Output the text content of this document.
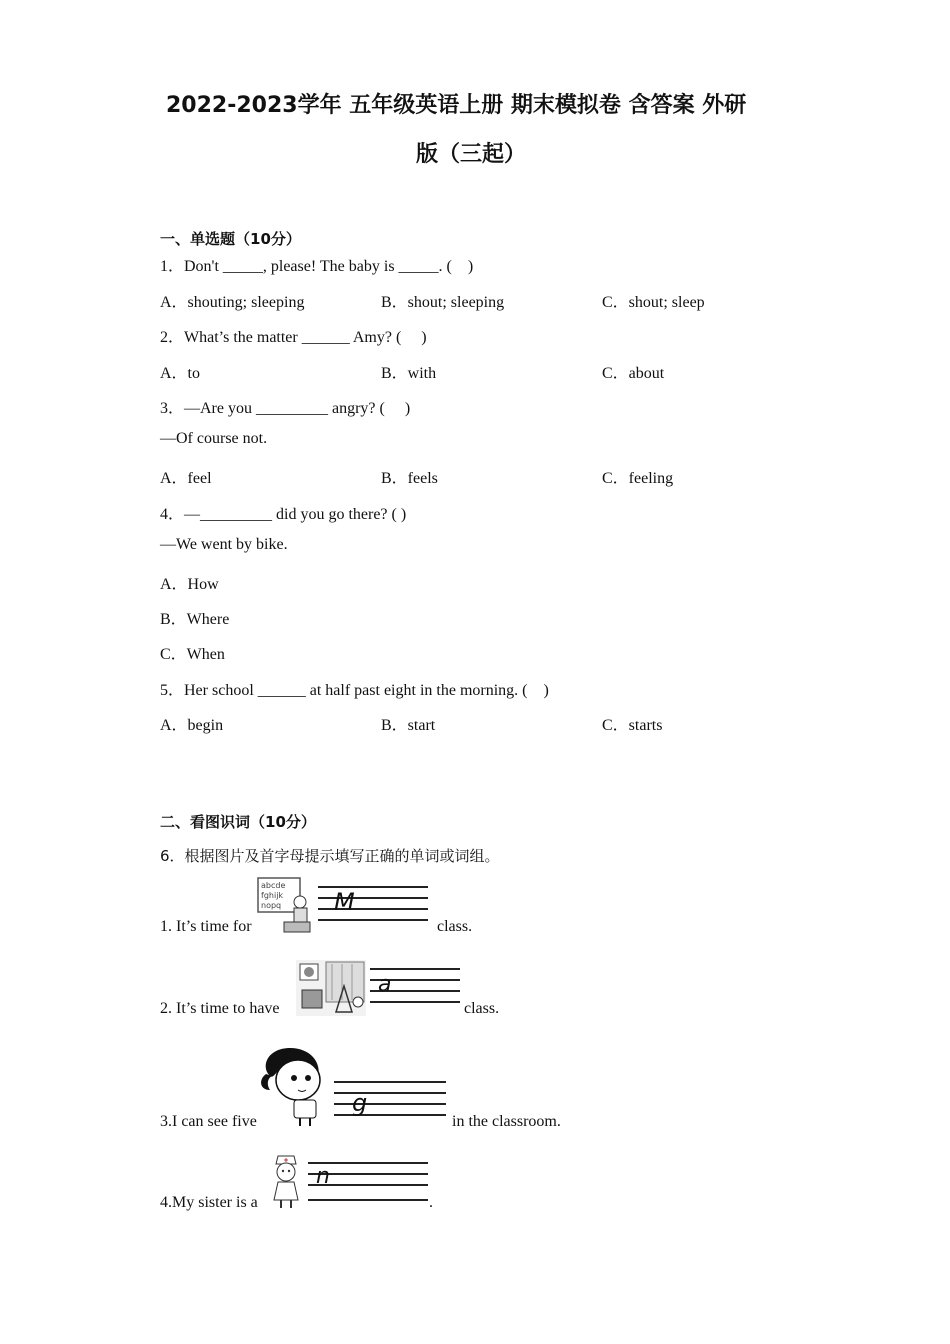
2022-2023学年 五年级英语上册 期末模拟卷 含答案 外研
版（三起）
一、单选题（10分）
1．Don't _____, please! The baby is _____. (　)
A．shouting; sleeping	B．shout; sleeping	C．shout; sleep
2．What’s the matter ______ Amy? (　 )
A．to	B．with	C．about
3．—Are you _________ angry? (　 )
—Of course not.
A．feel	B．feels	C．feeling
4．—_________ did you go there? ( )
—We went by bike.
A．How
B．Where
C．When
5．Her school ______ at half past eight in the morning. (　)
A．begin	B．start	C．starts
二、看图识词（10分）
6．根据图片及首字母提示填写正确的单词或词组。
1. It’s time for
abcde
fghijk
nopq M
class.
2. It’s time to have
a
class.
3.I can see five
g
in the classroom.
4.My sister is a
n
.
